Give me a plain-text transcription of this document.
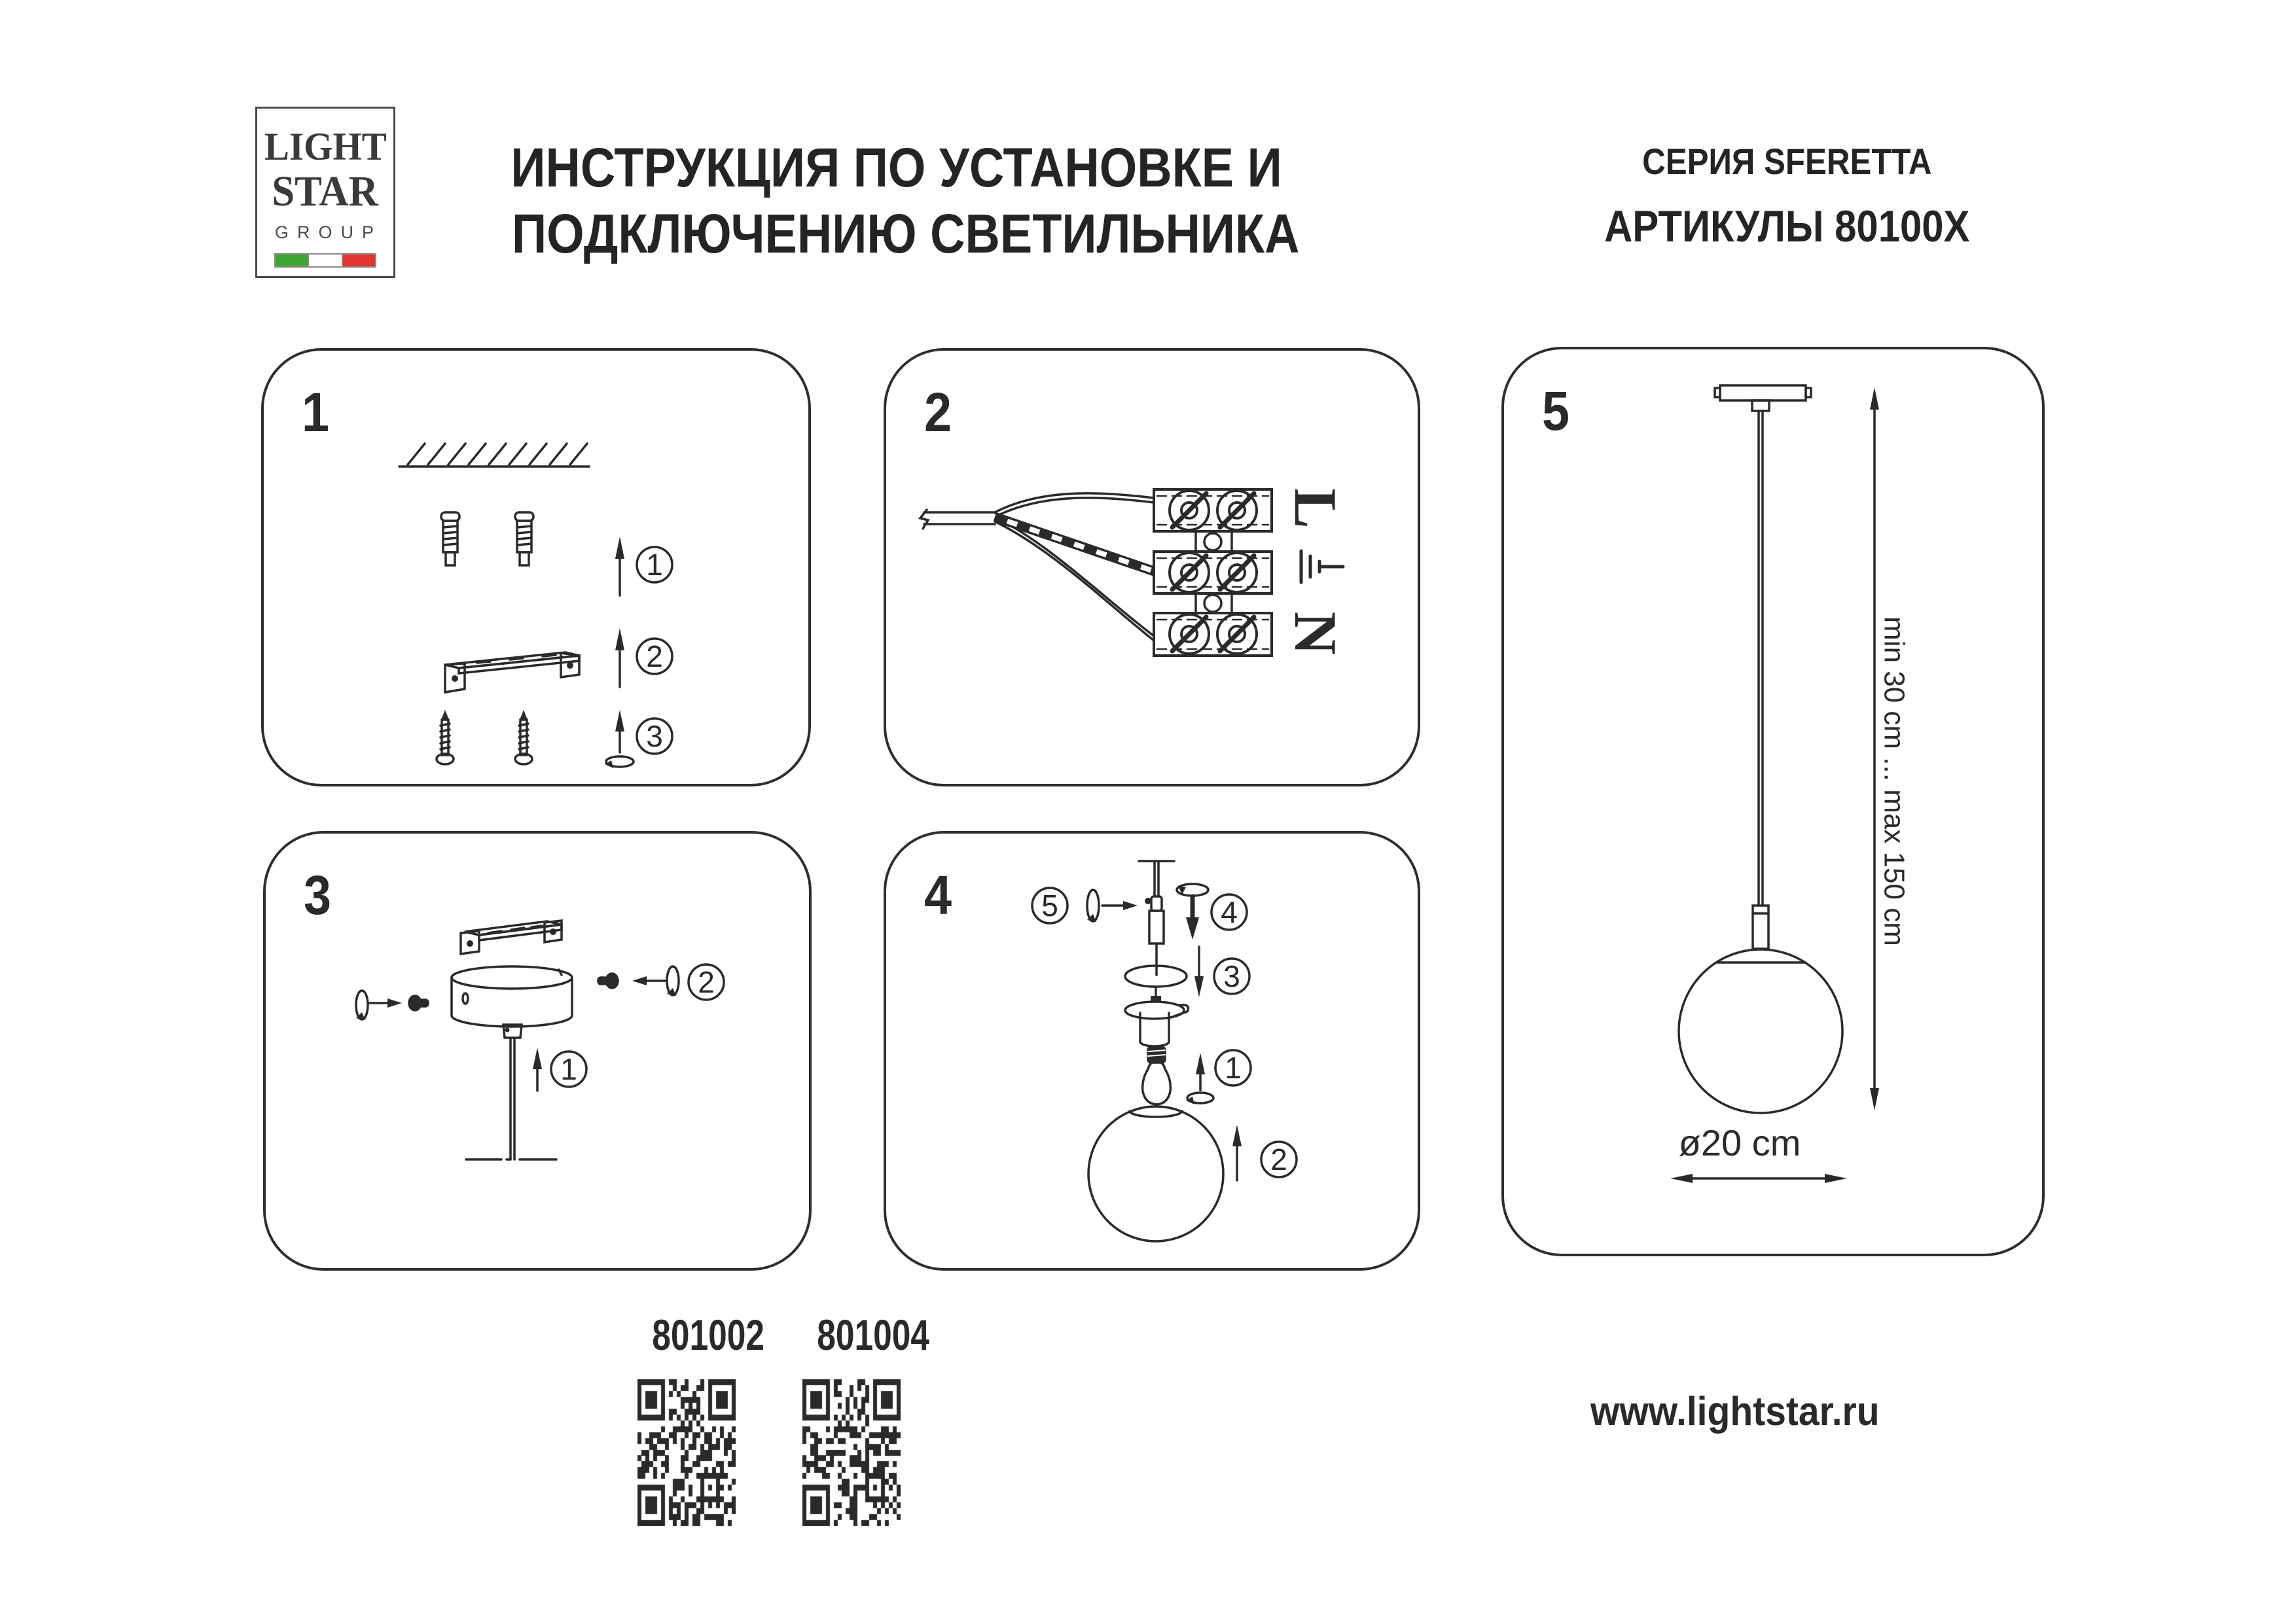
LIGHT
STAR
GROUP
ИНСТРУКЦИЯ ПО УСТАНОВКЕ И
ПОДКЛЮЧЕНИЮ СВЕТИЛЬНИКА
СЕРИЯ SFERETTA
АРТИКУЛЫ 80100X
1
1
2
3
2
L
N
3
1
2
4	5	4
3
1
2
5
min 30 cm ... max 150 cm
ø20 cm
801002	801004
www.lightstar.ru
